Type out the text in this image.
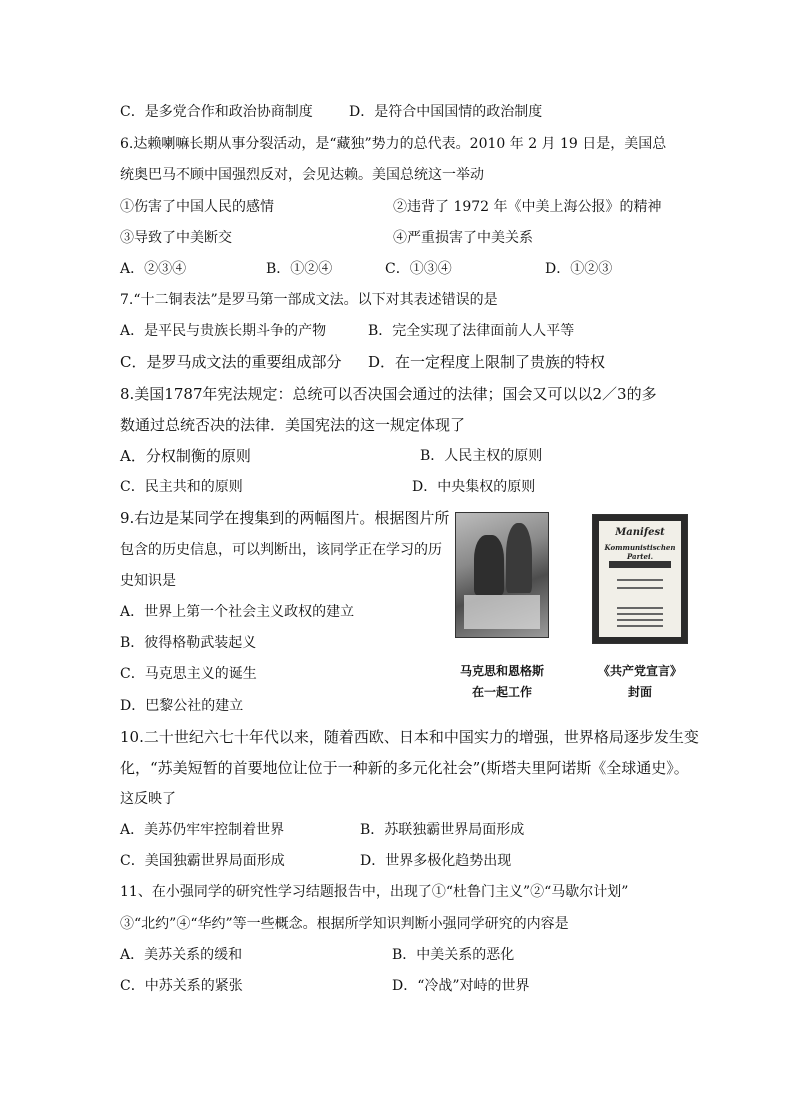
C．是多党合作和政治协商制度	D．是符合中国国情的政治制度
6.达赖喇嘛长期从事分裂活动，是“藏独”势力的总代表。2010 年 2 月 19 日是，美国总
统奥巴马不顾中国强烈反对，会见达赖。美国总统这一举动
①伤害了中国人民的感情	②违背了 1972 年《中美上海公报》的精神
③导致了中美断交	④严重损害了中美关系
A．②③④	B．①②④	C．①③④	D．①②③
7.“十二铜表法”是罗马第一部成文法。以下对其表述错误的是
A．是平民与贵族长期斗争的产物	B．完全实现了法律面前人人平等
C．是罗马成文法的重要组成部分 D．在一定程度上限制了贵族的特权
8.美国1787年宪法规定：总统可以否决国会通过的法律；国会又可以以2／3的多
数通过总统否决的法律．美国宪法的这一规定体现了
A．分权制衡的原则	B．人民主权的原则
C．民主共和的原则	D．中央集权的原则
9.右边是某同学在搜集到的两幅图片。根据图片所
包含的历史信息，可以判断出，该同学正在学习的历
史知识是
A．世界上第一个社会主义政权的建立
B．彼得格勒武装起义
C．马克思主义的诞生
D．巴黎公社的建立
马克思和恩格斯
在一起工作
Manifest
Kommunistischen Partei.
《共产党宣言》
封面
10.二十世纪六七十年代以来，随着西欧、日本和中国实力的增强，世界格局逐步发生变
化，“苏美短暂的首要地位让位于一种新的多元化社会”(斯塔夫里阿诺斯《全球通史》。
这反映了
A．美苏仍牢牢控制着世界	B．苏联独霸世界局面形成
C．美国独霸世界局面形成	D．世界多极化趋势出现
11、在小强同学的研究性学习结题报告中，出现了①“杜鲁门主义”②“马歇尔计划”
③“北约”④“华约”等一些概念。根据所学知识判断小强同学研究的内容是
A．美苏关系的缓和	B．中美关系的恶化
C．中苏关系的紧张	D．“冷战”对峙的世界
